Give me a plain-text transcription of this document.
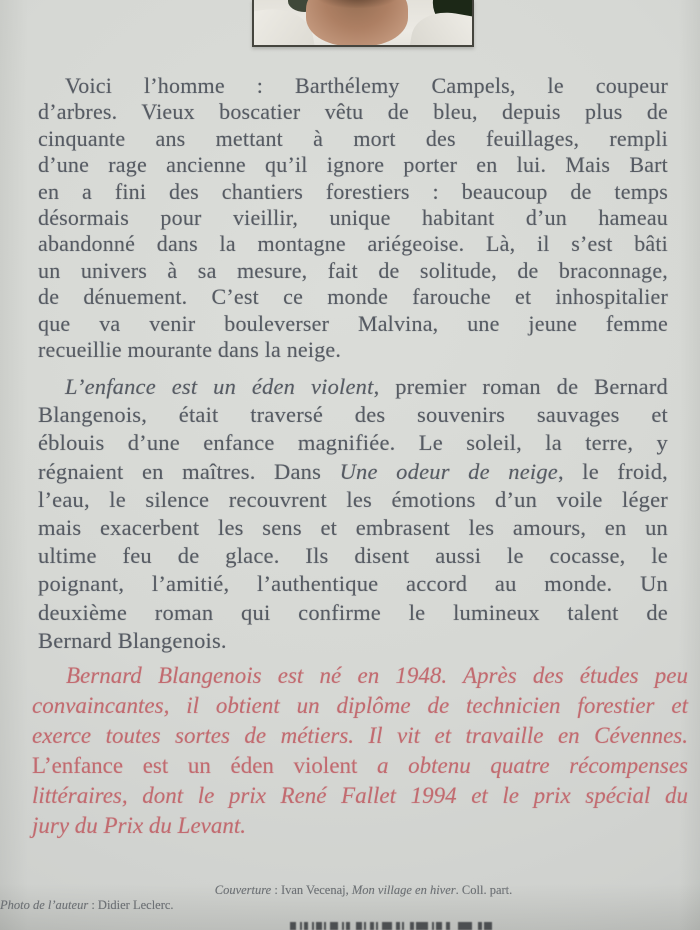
Voici l’homme : Barthélemy Campels, le coupeur
d’arbres. Vieux boscatier vêtu de bleu, depuis plus de
cinquante ans mettant à mort des feuillages, rempli
d’une rage ancienne qu’il ignore porter en lui. Mais Bart
en a fini des chantiers forestiers : beaucoup de temps
désormais pour vieillir, unique habitant d’un hameau
abandonné dans la montagne ariégeoise. Là, il s’est bâti
un univers à sa mesure, fait de solitude, de braconnage,
de dénuement. C’est ce monde farouche et inhospitalier
que va venir bouleverser Malvina, une jeune femme
recueillie mourante dans la neige.
L’enfance est un éden violent, premier roman de Bernard
Blangenois, était traversé des souvenirs sauvages et
éblouis d’une enfance magnifiée. Le soleil, la terre, y
régnaient en maîtres. Dans Une odeur de neige, le froid,
l’eau, le silence recouvrent les émotions d’un voile léger
mais exacerbent les sens et embrasent les amours, en un
ultime feu de glace. Ils disent aussi le cocasse, le
poignant, l’amitié, l’authentique accord au monde. Un
deuxième roman qui confirme le lumineux talent de
Bernard Blangenois.
Bernard Blangenois est né en 1948. Après des études peu
convaincantes, il obtient un diplôme de technicien forestier et
exerce toutes sortes de métiers. Il vit et travaille en Cévennes.
L’enfance est un éden violent a obtenu quatre récompenses
littéraires, dont le prix René Fallet 1994 et le prix spécial du
jury du Prix du Levant.
Couverture : Ivan Vecenaj, Mon village en hiver. Coll. part.
Photo de l’auteur : Didier Leclerc.
